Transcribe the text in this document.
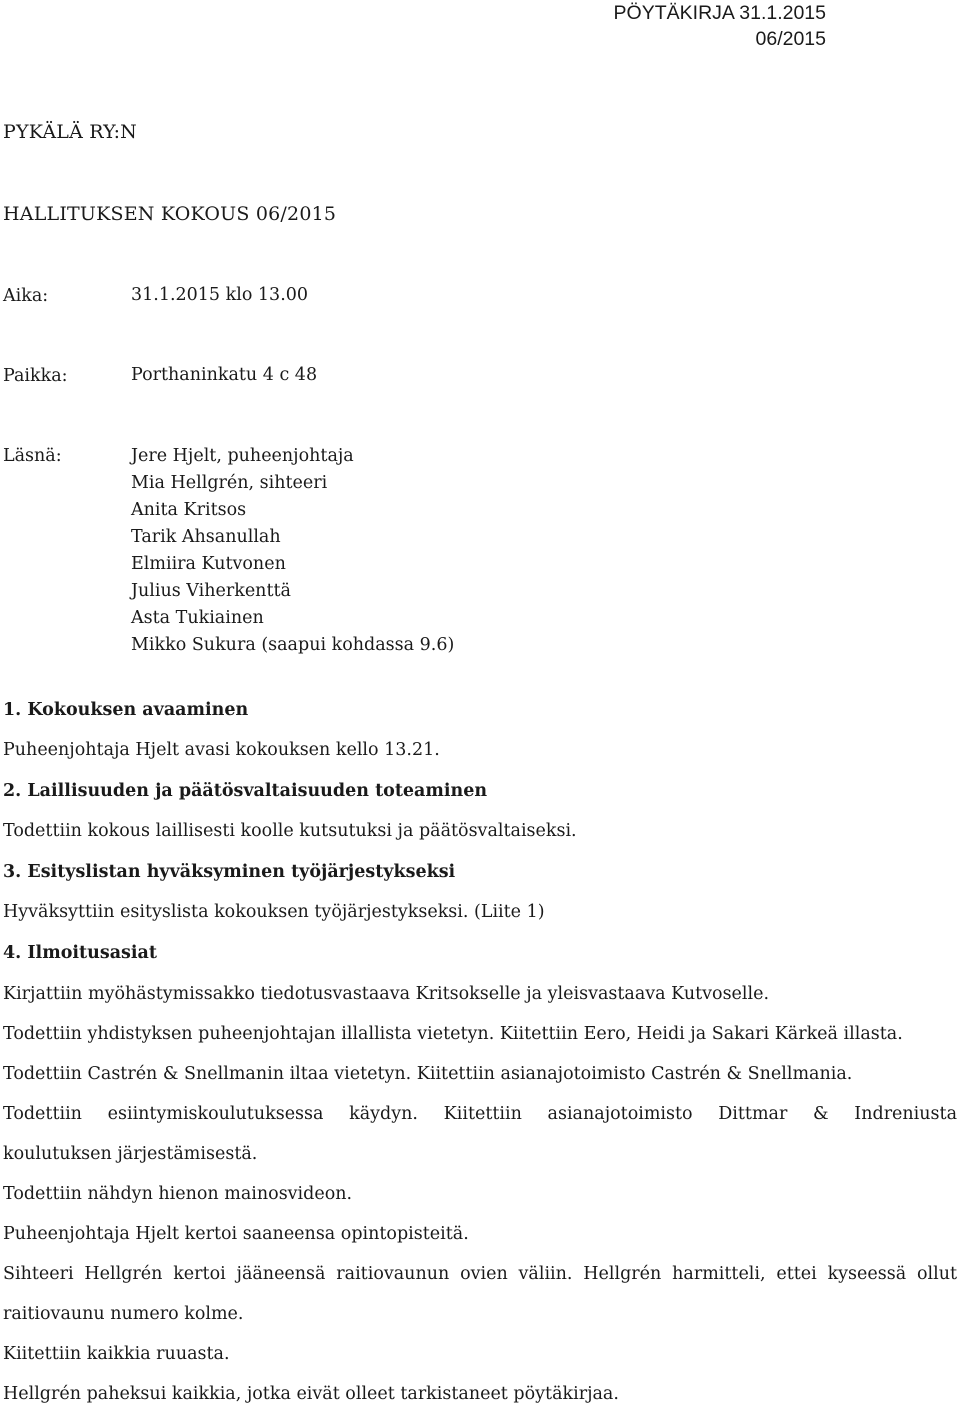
PÖYTÄKIRJA 31.1.2015
06/2015
PYKÄLÄ RY:N
HALLITUKSEN KOKOUS 06/2015
Aika:	31.1.2015 klo 13.00
Paikka:	Porthaninkatu 4 c 48
Läsnä:	Jere Hjelt, puheenjohtaja
Mia Hellgrén, sihteeri
Anita Kritsos
Tarik Ahsanullah
Elmiira Kutvonen
Julius Viherkenttä
Asta Tukiainen
Mikko Sukura (saapui kohdassa 9.6)
1. Kokouksen avaaminen
Puheenjohtaja Hjelt avasi kokouksen kello 13.21.
2. Laillisuuden ja päätösvaltaisuuden toteaminen
Todettiin kokous laillisesti koolle kutsutuksi ja päätösvaltaiseksi.
3. Esityslistan hyväksyminen työjärjestykseksi
Hyväksyttiin esityslista kokouksen työjärjestykseksi. (Liite 1)
4. Ilmoitusasiat
Kirjattiin myöhästymissakko tiedotusvastaava Kritsokselle ja yleisvastaava Kutvoselle.
Todettiin yhdistyksen puheenjohtajan illallista vietetyn. Kiitettiin Eero, Heidi ja Sakari Kärkeä illasta.
Todettiin Castrén & Snellmanin iltaa vietetyn. Kiitettiin asianajotoimisto Castrén & Snellmania.
Todettiin esiintymiskoulutuksessa käydyn. Kiitettiin asianajotoimisto Dittmar & Indreniusta
koulutuksen järjestämisestä.
Todettiin nähdyn hienon mainosvideon.
Puheenjohtaja Hjelt kertoi saaneensa opintopisteitä.
Sihteeri Hellgrén kertoi jääneensä raitiovaunun ovien väliin. Hellgrén harmitteli, ettei kyseessä ollut
raitiovaunu numero kolme.
Kiitettiin kaikkia ruuasta.
Hellgrén paheksui kaikkia, jotka eivät olleet tarkistaneet pöytäkirjaa.
